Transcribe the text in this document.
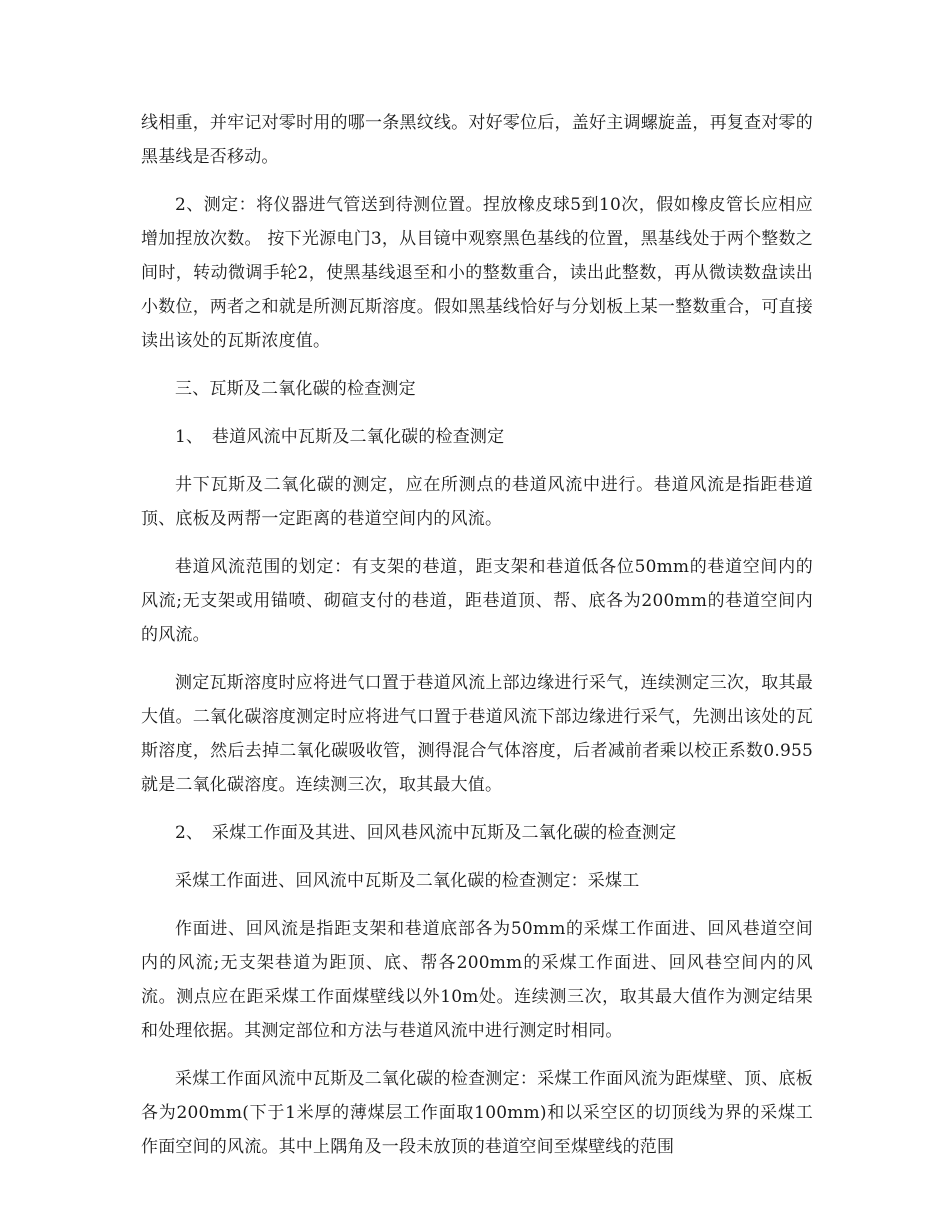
线相重，并牢记对零时用的哪一条黑纹线。对好零位后，盖好主调螺旋盖，再复查对零的黑基线是否移动。

2、测定：将仪器进气管送到待测位置。捏放橡皮球5到10次，假如橡皮管长应相应增加捏放次数。 按下光源电门3，从目镜中观察黑色基线的位置，黑基线处于两个整数之间时，转动微调手轮2，使黑基线退至和小的整数重合，读出此整数，再从微读数盘读出小数位，两者之和就是所测瓦斯溶度。假如黑基线恰好与分划板上某一整数重合，可直接读出该处的瓦斯浓度值。

三、瓦斯及二氧化碳的检查测定

1、　巷道风流中瓦斯及二氧化碳的检查测定

井下瓦斯及二氧化碳的测定，应在所测点的巷道风流中进行。巷道风流是指距巷道顶、底板及两帮一定距离的巷道空间内的风流。

巷道风流范围的划定：有支架的巷道，距支架和巷道低各位50mm的巷道空间内的风流;无支架或用锚喷、砌碹支付的巷道，距巷道顶、帮、底各为200mm的巷道空间内的风流。

测定瓦斯溶度时应将进气口置于巷道风流上部边缘进行采气，连续测定三次，取其最大值。二氧化碳溶度测定时应将进气口置于巷道风流下部边缘进行采气，先测出该处的瓦斯溶度，然后去掉二氧化碳吸收管，测得混合气体溶度，后者减前者乘以校正系数0.955就是二氧化碳溶度。连续测三次，取其最大值。

2、　采煤工作面及其进、回风巷风流中瓦斯及二氧化碳的检查测定

采煤工作面进、回风流中瓦斯及二氧化碳的检查测定：采煤工

作面进、回风流是指距支架和巷道底部各为50mm的采煤工作面进、回风巷道空间内的风流;无支架巷道为距顶、底、帮各200mm的采煤工作面进、回风巷空间内的风流。测点应在距采煤工作面煤壁线以外10m处。连续测三次，取其最大值作为测定结果和处理依据。其测定部位和方法与巷道风流中进行测定时相同。

采煤工作面风流中瓦斯及二氧化碳的检查测定：采煤工作面风流为距煤壁、顶、底板各为200mm(下于1米厚的薄煤层工作面取100mm)和以采空区的切顶线为界的采煤工作面空间的风流。其中上隅角及一段未放顶的巷道空间至煤壁线的范围
